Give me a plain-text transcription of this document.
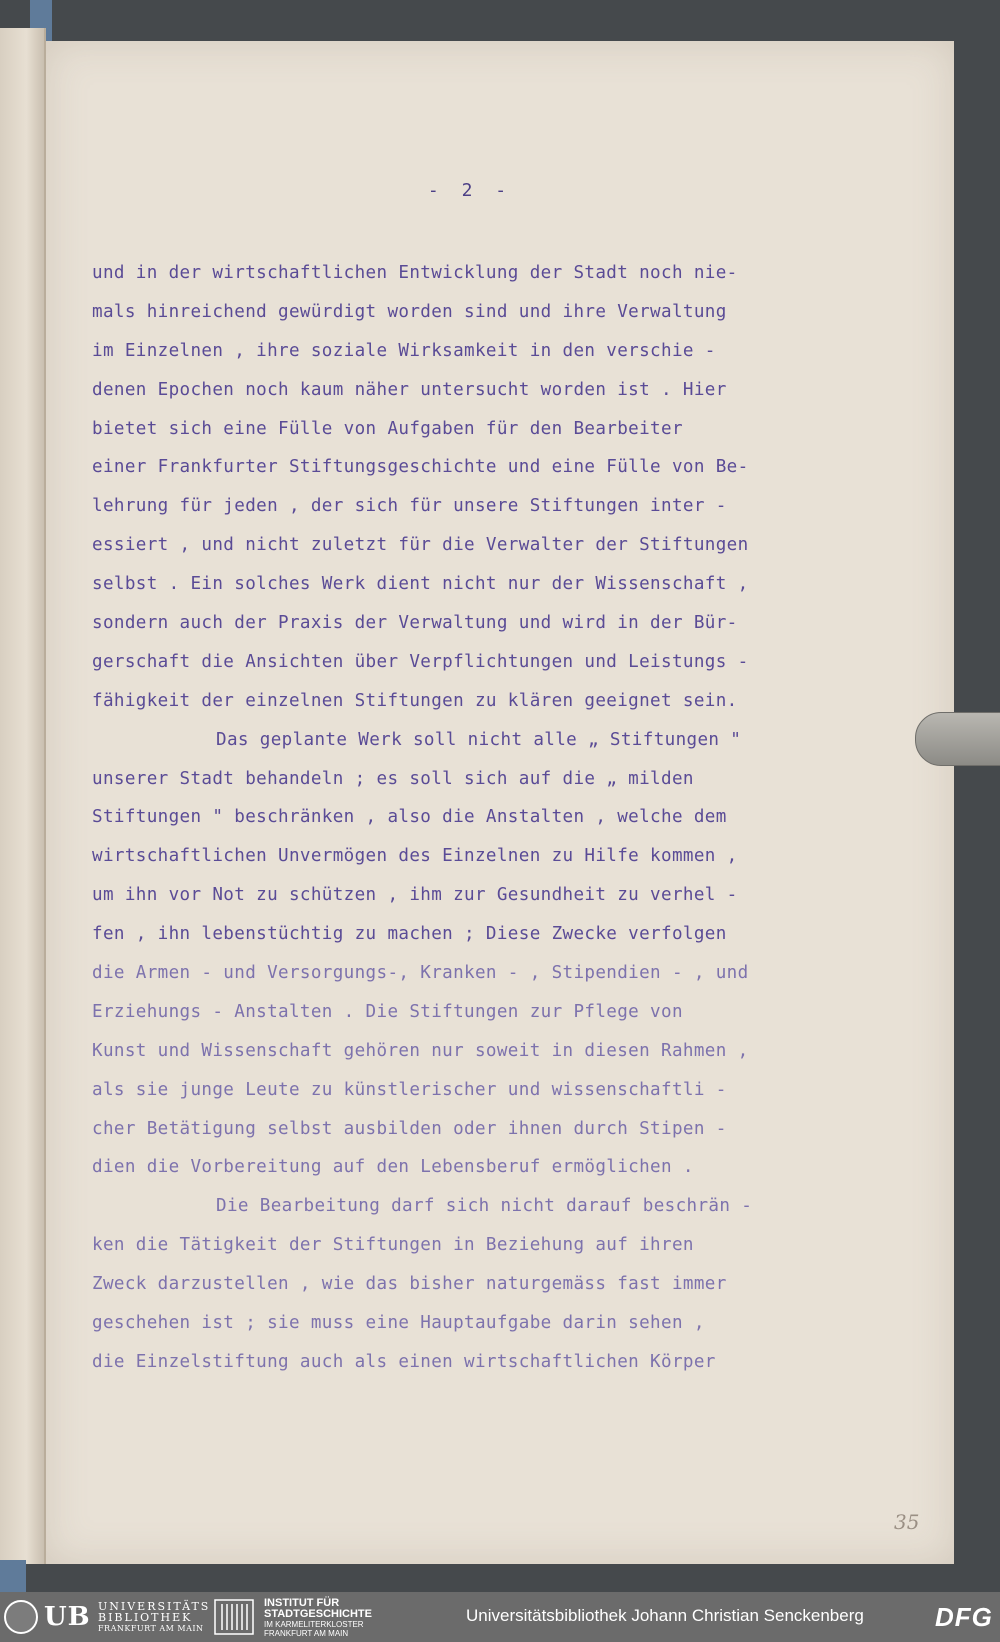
- 2 -
und in der wirtschaftlichen Entwicklung der Stadt noch nie-
mals hinreichend gewürdigt worden sind und ihre Verwaltung
im Einzelnen , ihre soziale Wirksamkeit in den verschie -
denen Epochen noch kaum näher untersucht worden ist . Hier
bietet sich eine Fülle von Aufgaben für den Bearbeiter
einer Frankfurter Stiftungsgeschichte und eine Fülle von Be-
lehrung für jeden , der sich für unsere Stiftungen inter -
essiert , und nicht zuletzt für die Verwalter der Stiftungen
selbst . Ein solches Werk dient nicht nur der Wissenschaft ,
sondern auch der Praxis der Verwaltung und wird in der Bür-
gerschaft die Ansichten über Verpflichtungen und Leistungs -
fähigkeit der einzelnen Stiftungen zu klären geeignet sein.
Das geplante Werk soll nicht alle „ Stiftungen "
unserer Stadt behandeln ; es soll sich auf die „ milden
Stiftungen " beschränken , also die Anstalten , welche dem
wirtschaftlichen Unvermögen des Einzelnen zu Hilfe kommen ,
um ihn vor Not zu schützen , ihm zur Gesundheit zu verhel -
fen , ihn lebenstüchtig zu machen ; Diese Zwecke verfolgen
die Armen - und Versorgungs-, Kranken - , Stipendien - , und
Erziehungs - Anstalten . Die Stiftungen zur Pflege von
Kunst und Wissenschaft gehören nur soweit in diesen Rahmen ,
als sie junge Leute zu künstlerischer und wissenschaftli -
cher Betätigung selbst ausbilden oder ihnen durch Stipen -
dien die Vorbereitung auf den Lebensberuf ermöglichen .
Die Bearbeitung darf sich nicht darauf beschrän -
ken die Tätigkeit der Stiftungen in Beziehung auf ihren
Zweck darzustellen , wie das bisher naturgemäss fast immer
geschehen ist ; sie muss eine Hauptaufgabe darin sehen ,
die Einzelstiftung auch als einen wirtschaftlichen Körper
35
UB UNIVERSITÄTS
BIBLIOTHEK
FRANKFURT AM MAIN
INSTITUT FÜR
STADTGESCHICHTE
IM KARMELITERKLOSTER
FRANKFURT AM MAIN
Universitätsbibliothek Johann Christian Senckenberg	DFG
